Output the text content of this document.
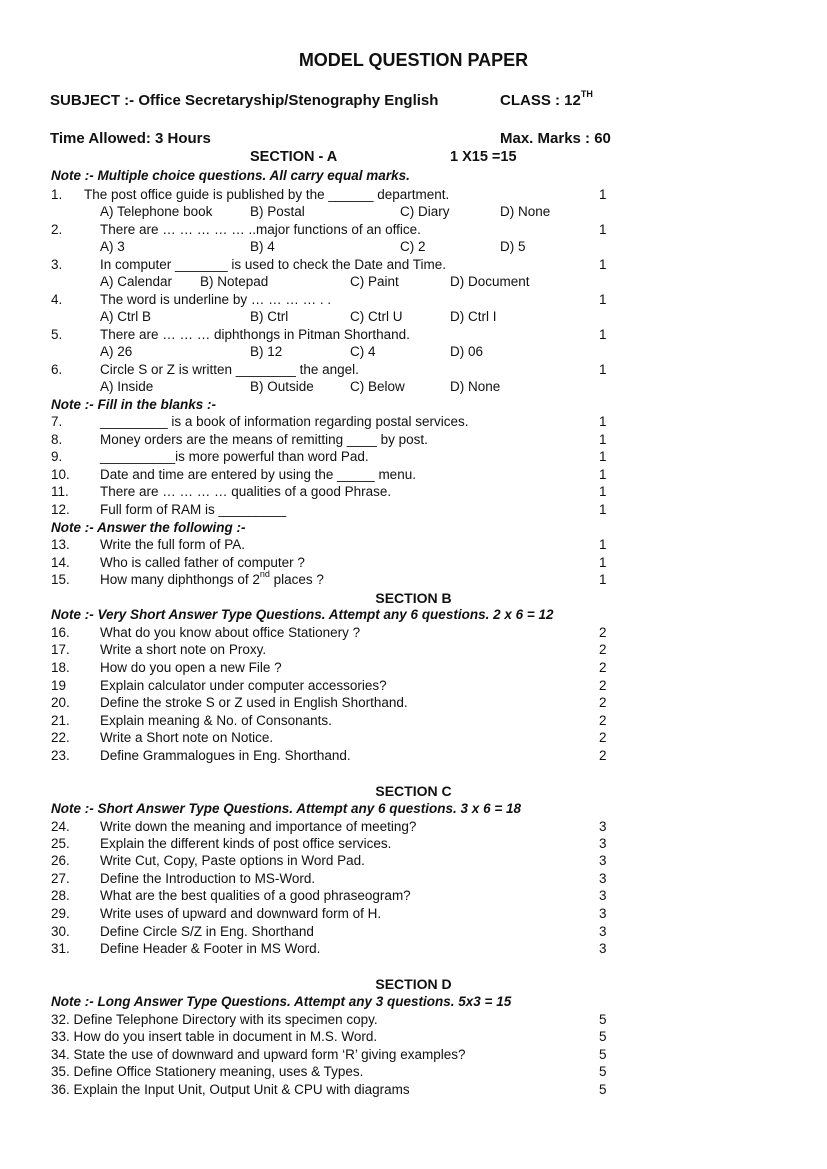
MODEL QUESTION PAPER
SUBJECT :- Office Secretaryship/Stenography English	CLASS : 12TH
Time Allowed: 3 Hours	Max. Marks : 60
SECTION - A	1 X15 =15
Note :- Multiple choice questions. All carry equal marks.
1. The post office guide is published by the ______ department.	1
A) Telephone book	B) Postal	C) Diary	D) None
2.	There are … … … … … ..major functions of an office.	1
A) 3	B) 4	C) 2	D) 5
3.	In computer _______ is used to check the Date and Time.	1
A) Calendar B) Notepad	C) Paint	D) Document
4.	The word is underline by … … … … . .	1
A) Ctrl B	B) Ctrl	C) Ctrl U	D) Ctrl I
5.	There are … … … diphthongs in Pitman Shorthand.	1
A) 26	B) 12	C) 4	D) 06
6.	Circle S or Z is written ________ the angel.	1
A) Inside	B) Outside	C) Below	D) None
Note :- Fill in the blanks :-
7.	_________ is a book of information regarding postal services.	1
8.	Money orders are the means of remitting ____ by post.	1
9.	__________is more powerful than word Pad.	1
10. Date and time are entered by using the _____ menu.	1
11. There are … … … … qualities of a good Phrase.	1
12. Full form of RAM is _________	1
Note :- Answer the following :-
13. Write the full form of PA.	1
14. Who is called father of computer ?	1
15. How many diphthongs of 2nd places ?	1
SECTION B
Note :- Very Short Answer Type Questions. Attempt any 6 questions. 2 x 6 = 12
16. What do you know about office Stationery ?	2
17. Write a short note on Proxy.	2
18. How do you open a new File ?	2
19	Explain calculator under computer accessories?	2
20. Define the stroke S or Z used in English Shorthand.	2
21. Explain meaning & No. of Consonants.	2
22. Write a Short note on Notice.	2
23. Define Grammalogues in Eng. Shorthand.	2
SECTION C
Note :- Short Answer Type Questions. Attempt any 6 questions. 3 x 6 = 18
24. Write down the meaning and importance of meeting?	3
25. Explain the different kinds of post office services.	3
26. Write Cut, Copy, Paste options in Word Pad.	3
27. Define the Introduction to MS-Word.	3
28. What are the best qualities of a good phraseogram?	3
29. Write uses of upward and downward form of H.	3
30. Define Circle S/Z in Eng. Shorthand	3
31. Define Header & Footer in MS Word.	3
SECTION D
Note :- Long Answer Type Questions. Attempt any 3 questions. 5x3 = 15
32. Define Telephone Directory with its specimen copy.	5
33. How do you insert table in document in M.S. Word.	5
34. State the use of downward and upward form ‘R’ giving examples?	5
35. Define Office Stationery meaning, uses & Types.	5
36. Explain the Input Unit, Output Unit & CPU with diagrams	5
